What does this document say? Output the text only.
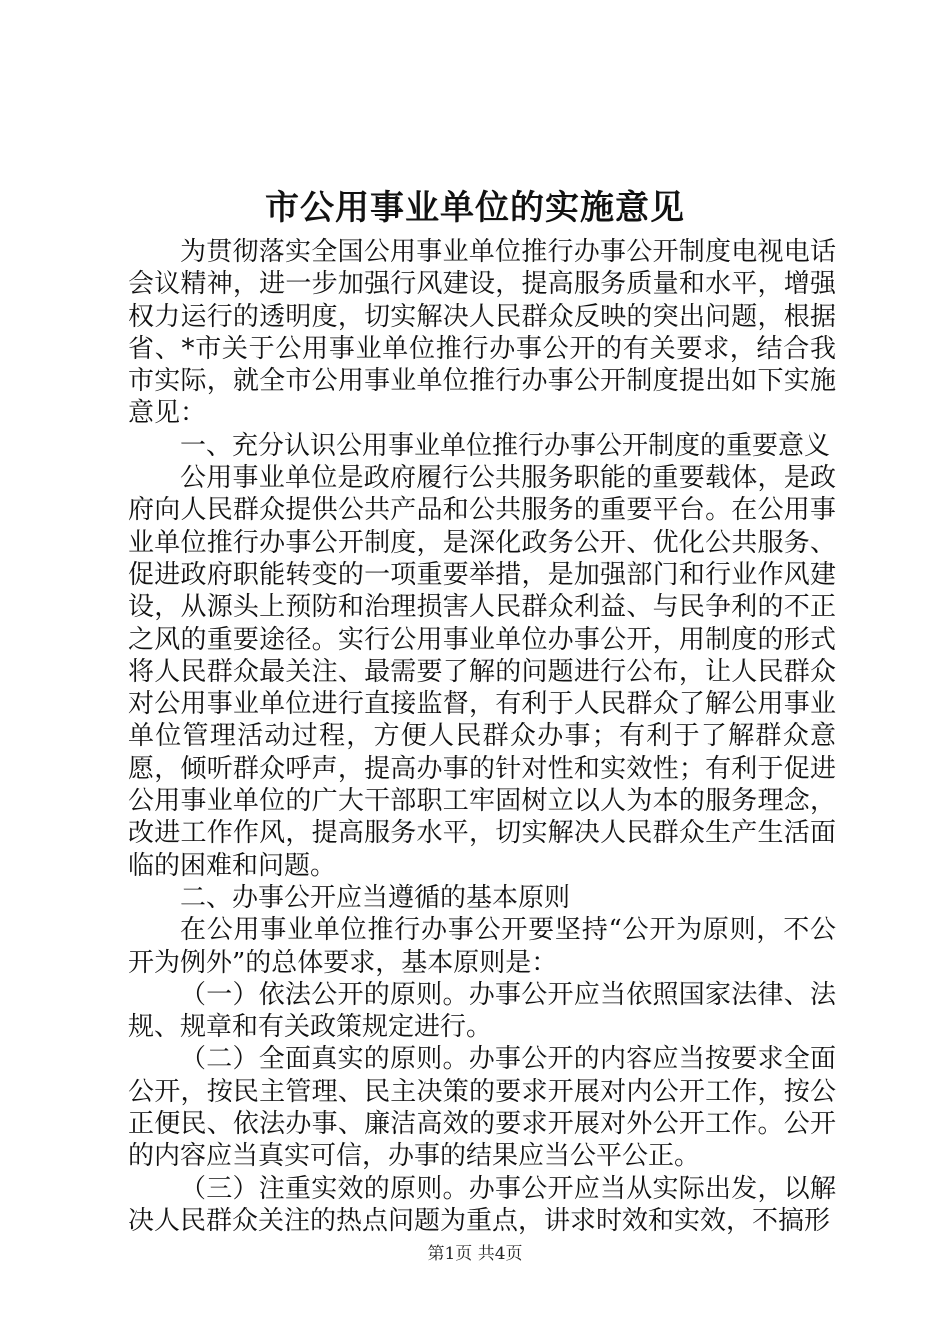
市公用事业单位的实施意见

为贯彻落实全国公用事业单位推行办事公开制度电视电话会议精神，进一步加强行风建设，提高服务质量和水平，增强权力运行的透明度，切实解决人民群众反映的突出问题，根据省、*市关于公用事业单位推行办事公开的有关要求，结合我市实际，就全市公用事业单位推行办事公开制度提出如下实施意见：

一、充分认识公用事业单位推行办事公开制度的重要意义

公用事业单位是政府履行公共服务职能的重要载体，是政府向人民群众提供公共产品和公共服务的重要平台。在公用事业单位推行办事公开制度，是深化政务公开、优化公共服务、促进政府职能转变的一项重要举措，是加强部门和行业作风建设，从源头上预防和治理损害人民群众利益、与民争利的不正之风的重要途径。实行公用事业单位办事公开，用制度的形式将人民群众最关注、最需要了解的问题进行公布，让人民群众对公用事业单位进行直接监督，有利于人民群众了解公用事业单位管理活动过程，方便人民群众办事；有利于了解群众意愿，倾听群众呼声，提高办事的针对性和实效性；有利于促进公用事业单位的广大干部职工牢固树立以人为本的服务理念，改进工作作风，提高服务水平，切实解决人民群众生产生活面临的困难和问题。

二、办事公开应当遵循的基本原则

在公用事业单位推行办事公开要坚持“公开为原则，不公开为例外”的总体要求，基本原则是：

（一）依法公开的原则。办事公开应当依照国家法律、法规、规章和有关政策规定进行。

（二）全面真实的原则。办事公开的内容应当按要求全面公开，按民主管理、民主决策的要求开展对内公开工作，按公正便民、依法办事、廉洁高效的要求开展对外公开工作。公开的内容应当真实可信，办事的结果应当公平公正。

（三）注重实效的原则。办事公开应当从实际出发，以解决人民群众关注的热点问题为重点，讲求时效和实效，不搞形

第1页 共4页
